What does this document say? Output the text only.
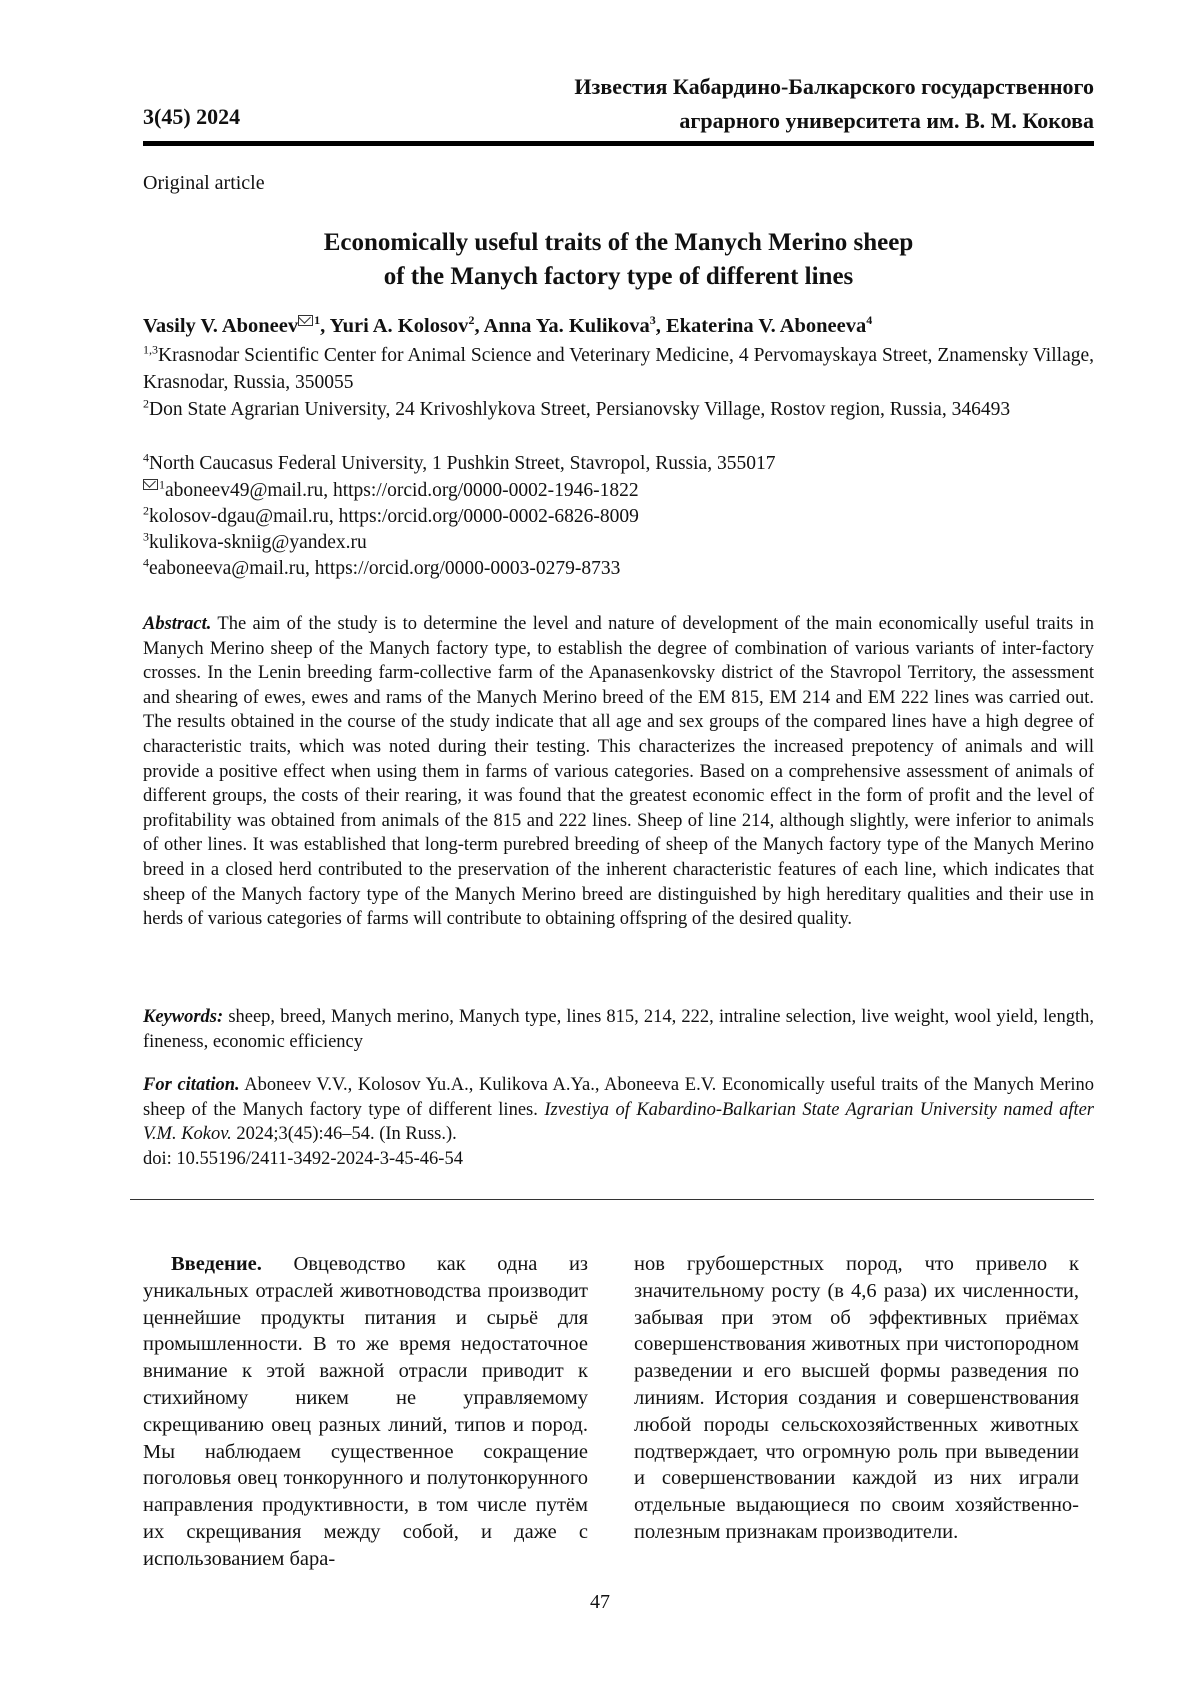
Известия Кабардино-Балкарского государственного
аграрного университета им. В. М. Кокова
3(45) 2024
Original article
Economically useful traits of the Manych Merino sheep
of the Manych factory type of different lines
Vasily V. Aboneev 1, Yuri A. Kolosov2, Anna Ya. Kulikova3, Ekaterina V. Aboneeva4
1,3Krasnodar Scientific Center for Animal Science and Veterinary Medicine, 4 Pervomayskaya Street, Znamensky Village, Krasnodar, Russia, 350055
2Don State Agrarian University, 24 Krivoshlykova Street, Persianovsky Village, Rostov region, Russia, 346493
4North Caucasus Federal University, 1 Pushkin Street, Stavropol, Russia, 355017
1aboneev49@mail.ru, https://orcid.org/0000-0002-1946-1822
2kolosov-dgau@mail.ru, https:/orcid.org/0000-0002-6826-8009
3kulikova-skniig@yandex.ru
4eaboneeva@mail.ru, https://orcid.org/0000-0003-0279-8733
Abstract. The aim of the study is to determine the level and nature of development of the main economically useful traits in Manych Merino sheep of the Manych factory type, to establish the degree of combination of various variants of inter-factory crosses. In the Lenin breeding farm-collective farm of the Apanasenkovsky district of the Stavropol Territory, the assessment and shearing of ewes, ewes and rams of the Manych Merino breed of the EM 815, EM 214 and EM 222 lines was carried out. The results obtained in the course of the study indicate that all age and sex groups of the compared lines have a high degree of characteristic traits, which was noted during their testing. This characterizes the increased prepotency of animals and will provide a positive effect when using them in farms of various categories. Based on a comprehensive assessment of animals of different groups, the costs of their rearing, it was found that the greatest economic effect in the form of profit and the level of profitability was obtained from animals of the 815 and 222 lines. Sheep of line 214, although slightly, were inferior to animals of other lines. It was established that long-term purebred breeding of sheep of the Manych factory type of the Manych Merino breed in a closed herd contributed to the preservation of the inherent characteristic features of each line, which indicates that sheep of the Manych factory type of the Manych Merino breed are distinguished by high hereditary qualities and their use in herds of various categories of farms will contribute to obtaining offspring of the desired quality.
Keywords: sheep, breed, Manych merino, Manych type, lines 815, 214, 222, intraline selection, live weight, wool yield, length, fineness, economic efficiency
For citation. Aboneev V.V., Kolosov Yu.A., Kulikova A.Ya., Aboneeva E.V. Economically useful traits of the Manych Merino sheep of the Manych factory type of different lines. Izvestiya of Kabardino-Balkarian State Agrarian University named after V.M. Kokov. 2024;3(45):46–54. (In Russ.).
doi: 10.55196/2411-3492-2024-3-45-46-54
Введение. Овцеводство как одна из уникальных отраслей животноводства производит ценнейшие продукты питания и сырьё для промышленности. В то же время недостаточное внимание к этой важной отрасли приводит к стихийному никем не управляемому скрещиванию овец разных линий, типов и пород. Мы наблюдаем существенное сокращение поголовья овец тонкорунного и полутонкорунного направления продуктивности, в том числе путём их скрещивания между собой, и даже с использованием бара-
нов грубошерстных пород, что привело к значительному росту (в 4,6 раза) их численности, забывая при этом об эффективных приёмах совершенствования животных при чистопородном разведении и его высшей формы разведения по линиям. История создания и совершенствования любой породы сельскохозяйственных животных подтверждает, что огромную роль при выведении и совершенствовании каждой из них играли отдельные выдающиеся по своим хозяйственно-полезным признакам производители.
47
